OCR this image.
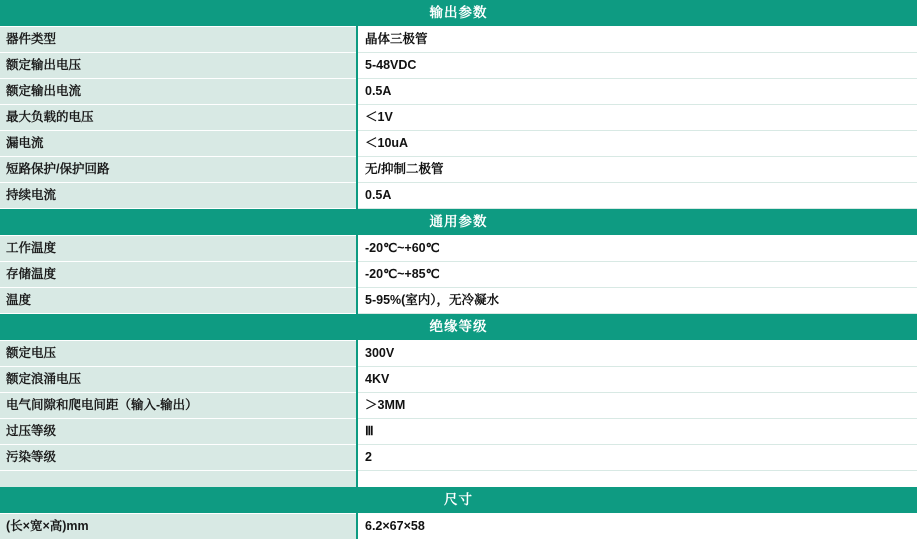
输出参数	
器件类型	晶体三极管
额定输出电压	5-48VDC
额定输出电流	0.5A
最大负载的电压	＜1V
漏电流	＜10uA
短路保护/保护回路	无/抑制二极管
持续电流	0.5A
通用参数	
工作温度	-20℃~+60℃
存储温度	-20℃~+85℃
温度	5-95%(室内），无冷凝水
绝缘等级	
额定电压	300V
额定浪涌电压	4KV
电气间隙和爬电间距（输入-输出）	＞3MM
过压等级	Ⅲ
污染等级	2

尺寸	
(长×宽×高)mm	6.2×67×58
